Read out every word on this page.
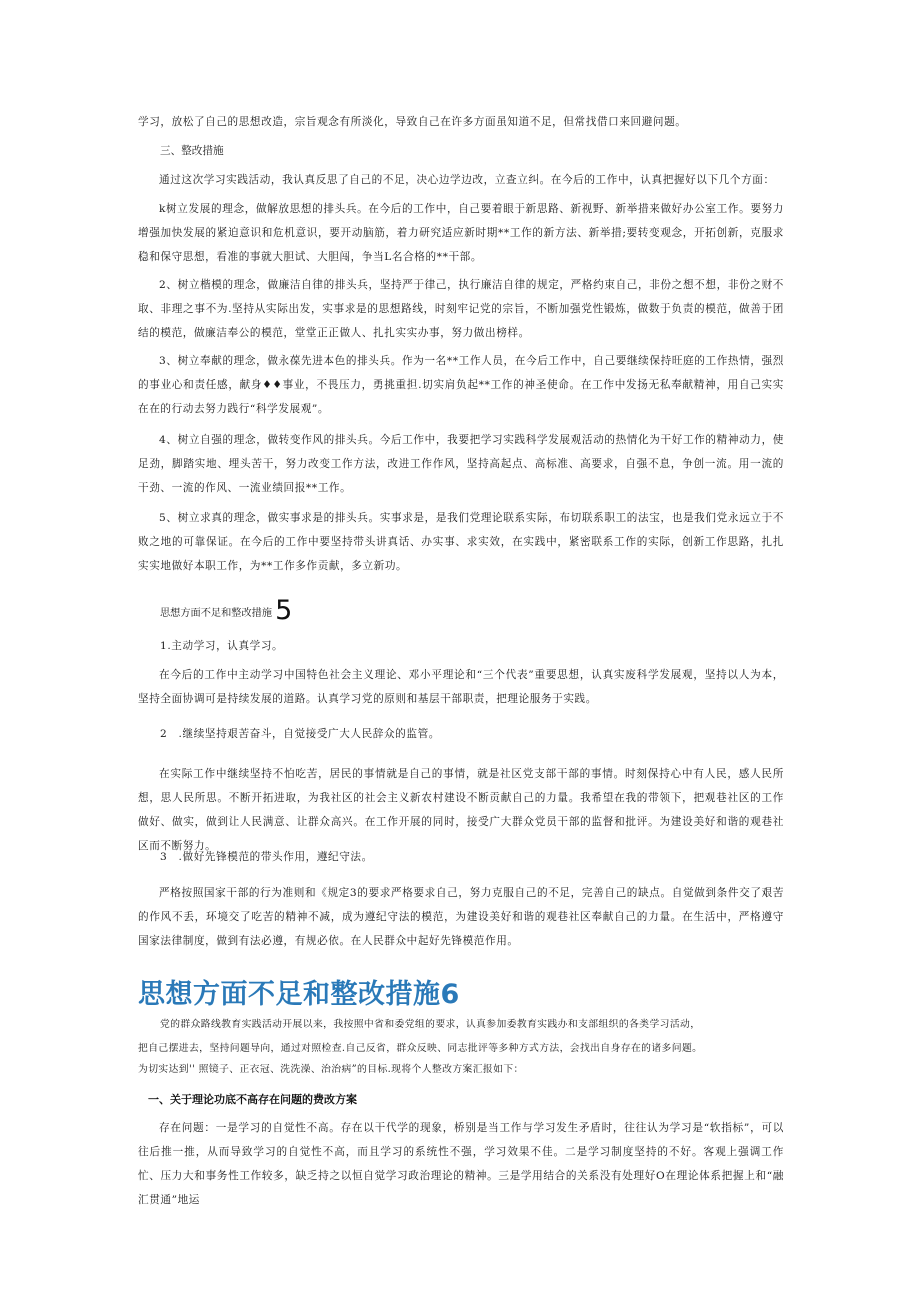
学习，放松了自己的思想改造，宗旨观念有所淡化，导致自己在许多方面虽知道不足，但常找借口来回避问题。

三、整改措施

通过这次学习实践活动，我认真反思了自己的不足，决心边学边改，立查立纠。在今后的工作中，认真把握好以下几个方面：

k树立发展的理念，做解放思想的排头兵。在今后的工作中，自己要着眼于新思路、新视野、新举措来做好办公室工作。要努力增强加快发展的紧迫意识和危机意识，要开动脑筋，着力研究适应新时期**工作的新方法、新举措;要转变观念，开拓创新，克服求稳和保守思想，看准的事就大胆试、大胆闯，争当L名合格的**干部。

2、树立楷模的理念，做廉洁自律的排头兵，坚持严于律己，执行廉洁自律的规定，严格约束自己，非份之想不想，非份之财不取、非理之事不为.坚持从实际出发，实事求是的思想路线，时刻牢记党的宗旨，不断加强党性锻炼，做数于负责的模范，做善于团结的模范，做廉洁奉公的模范，堂堂正正做人、扎扎实实办事，努力做出榜样。

3、树立奉献的理念，做永葆先进本色的排头兵。作为一名**工作人员，在今后工作中，自己要继续保持旺庭的工作热情，强烈的事业心和责任感，献身♦♦事业，不畏压力，勇挑重担.切实肩负起**工作的神圣使命。在工作中发扬无私奉献精神，用自己实实在在的行动去努力践行“科学发展观”。

4、树立自强的理念，做转变作风的排头兵。今后工作中，我要把学习实践科学发展观活动的热情化为干好工作的精神动力，使足劲，脚踏实地、埋头苦干，努力改变工作方法，改进工作作风，坚持高起点、高标准、高要求，自强不息，争创一流。用一流的干劲、一流的作风、一流业绩回报**工作。

5、树立求真的理念，做实事求是的排头兵。实事求是，是我们党理论联系实际，布切联系职工的法宝，也是我们党永远立于不败之地的可靠保证。在今后的工作中要坚持带头讲真话、办实事、求实效，在实践中，紧密联系工作的实际，创新工作思路，扎扎实实地做好本职工作，为**工作多作贡献，多立新功。

思想方面不足和整改措施 5

1.主动学习，认真学习。

在今后的工作中主动学习中国特色社会主义理论、邓小平理论和“三个代表”重要思想，认真实废科学发展观，坚持以人为本，坚持全面协调可是持续发展的道路。认真学习党的原则和基层干部职责，把理论服务于实践。

2　.继续坚持艰苦奋斗，自觉接受广大人民辞众的监管。

在实际工作中继续坚持不怕吃苦，居民的事情就是自己的事情，就是社区党支部干部的事情。时刻保持心中有人民，感人民所想，思人民所思。不断开拓进取，为我社区的社会主义新农村建设不断贡献自己的力量。我希望在我的带领下，把观巷社区的工作做好、做实，做到让人民满意、让群众高兴。在工作开展的同时，接受广大群众党员干部的监督和批评。为建设美好和谐的观巷社区而不断努力。

3　.做好先锋模范的带头作用，遵纪守法。

严格按照国家干部的行为准则和《规定3的要求严格要求自己，努力克服自己的不足，完善自己的缺点。自觉做到条件交了艰苦的作风不丢，环境交了吃苦的精神不减，成为遵纪守法的模范，为建设美好和谐的观巷社区奉献自己的力量。在生活中，严格遵守国家法律制度，做到有法必遵，有规必依。在人民群众中起好先锋模范作用。

思想方面不足和整改措施6

党的群众路线教育实践活动开展以来，我按照中省和委党组的要求，认真参加委教育实践办和支部组织的各类学习活动，

把自己摆进去，坚持问题导向，通过对照检查.自己反省，群众反映、同志批评等多种方式方法，会找出自身存在的诸多问题。

为切实达到'' 照镜子、正衣冠、洗洗澡、治治病”的目标.现将个人整改方案汇报如下：

一、关于理论功底不高存在问题的费改方案

存在问题：一是学习的自觉性不高。存在以干代学的现象，桥别是当工作与学习发生矛盾时，往往认为学习是“软指标”，可以往后推一推，从而导致学习的自觉性不高，而且学习的系统性不强，学习效果不佳。二是学习制度坚持的不好。客观上强调工作忙、压力大和事务性工作较多，缺乏持之以恒自觉学习政治理论的精神。三是学用结合的关系没有处理好O在理论体系把握上和“融汇贯通”地运
